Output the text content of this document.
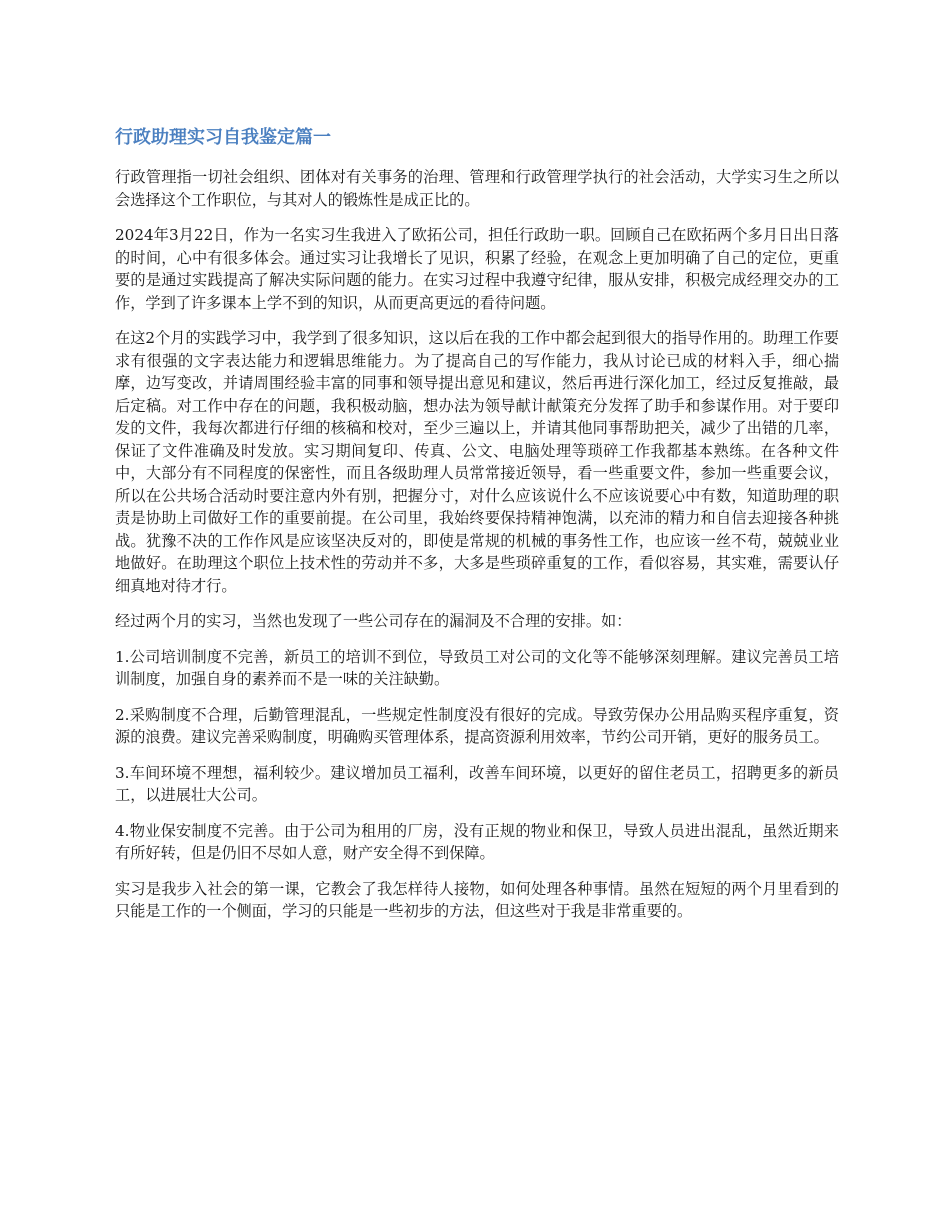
行政助理实习自我鉴定篇一

行政管理指一切社会组织、团体对有关事务的治理、管理和行政管理学执行的社会活动，大学实习生之所以会选择这个工作职位，与其对人的锻炼性是成正比的。

2024年3月22日，作为一名实习生我进入了欧拓公司，担任行政助一职。回顾自己在欧拓两个多月日出日落的时间，心中有很多体会。通过实习让我增长了见识，积累了经验，在观念上更加明确了自己的定位，更重要的是通过实践提高了解决实际问题的能力。在实习过程中我遵守纪律，服从安排，积极完成经理交办的工作，学到了许多课本上学不到的知识，从而更高更远的看待问题。

在这2个月的实践学习中，我学到了很多知识，这以后在我的工作中都会起到很大的指导作用的。助理工作要求有很强的文字表达能力和逻辑思维能力。为了提高自己的写作能力，我从讨论已成的材料入手，细心揣摩，边写变改，并请周围经验丰富的同事和领导提出意见和建议，然后再进行深化加工，经过反复推敲，最后定稿。对工作中存在的问题，我积极动脑，想办法为领导献计献策充分发挥了助手和参谋作用。对于要印发的文件，我每次都进行仔细的核稿和校对，至少三遍以上，并请其他同事帮助把关，减少了出错的几率，保证了文件准确及时发放。实习期间复印、传真、公文、电脑处理等琐碎工作我都基本熟练。在各种文件中，大部分有不同程度的保密性，而且各级助理人员常常接近领导，看一些重要文件，参加一些重要会议，所以在公共场合活动时要注意内外有别，把握分寸，对什么应该说什么不应该说要心中有数，知道助理的职责是协助上司做好工作的重要前提。在公司里，我始终要保持精神饱满，以充沛的精力和自信去迎接各种挑战。犹豫不决的工作作风是应该坚决反对的，即使是常规的机械的事务性工作，也应该一丝不苟，兢兢业业地做好。在助理这个职位上技术性的劳动并不多，大多是些琐碎重复的工作，看似容易，其实难，需要认仔细真地对待才行。

经过两个月的实习，当然也发现了一些公司存在的漏洞及不合理的安排。如：

1.公司培训制度不完善，新员工的培训不到位，导致员工对公司的文化等不能够深刻理解。建议完善员工培训制度，加强自身的素养而不是一味的关注缺勤。

2.采购制度不合理，后勤管理混乱，一些规定性制度没有很好的完成。导致劳保办公用品购买程序重复，资源的浪费。建议完善采购制度，明确购买管理体系，提高资源利用效率，节约公司开销，更好的服务员工。

3.车间环境不理想，福利较少。建议增加员工福利，改善车间环境，以更好的留住老员工，招聘更多的新员工，以进展壮大公司。

4.物业保安制度不完善。由于公司为租用的厂房，没有正规的物业和保卫，导致人员进出混乱，虽然近期来有所好转，但是仍旧不尽如人意，财产安全得不到保障。

实习是我步入社会的第一课，它教会了我怎样待人接物，如何处理各种事情。虽然在短短的两个月里看到的只能是工作的一个侧面，学习的只能是一些初步的方法，但这些对于我是非常重要的。
